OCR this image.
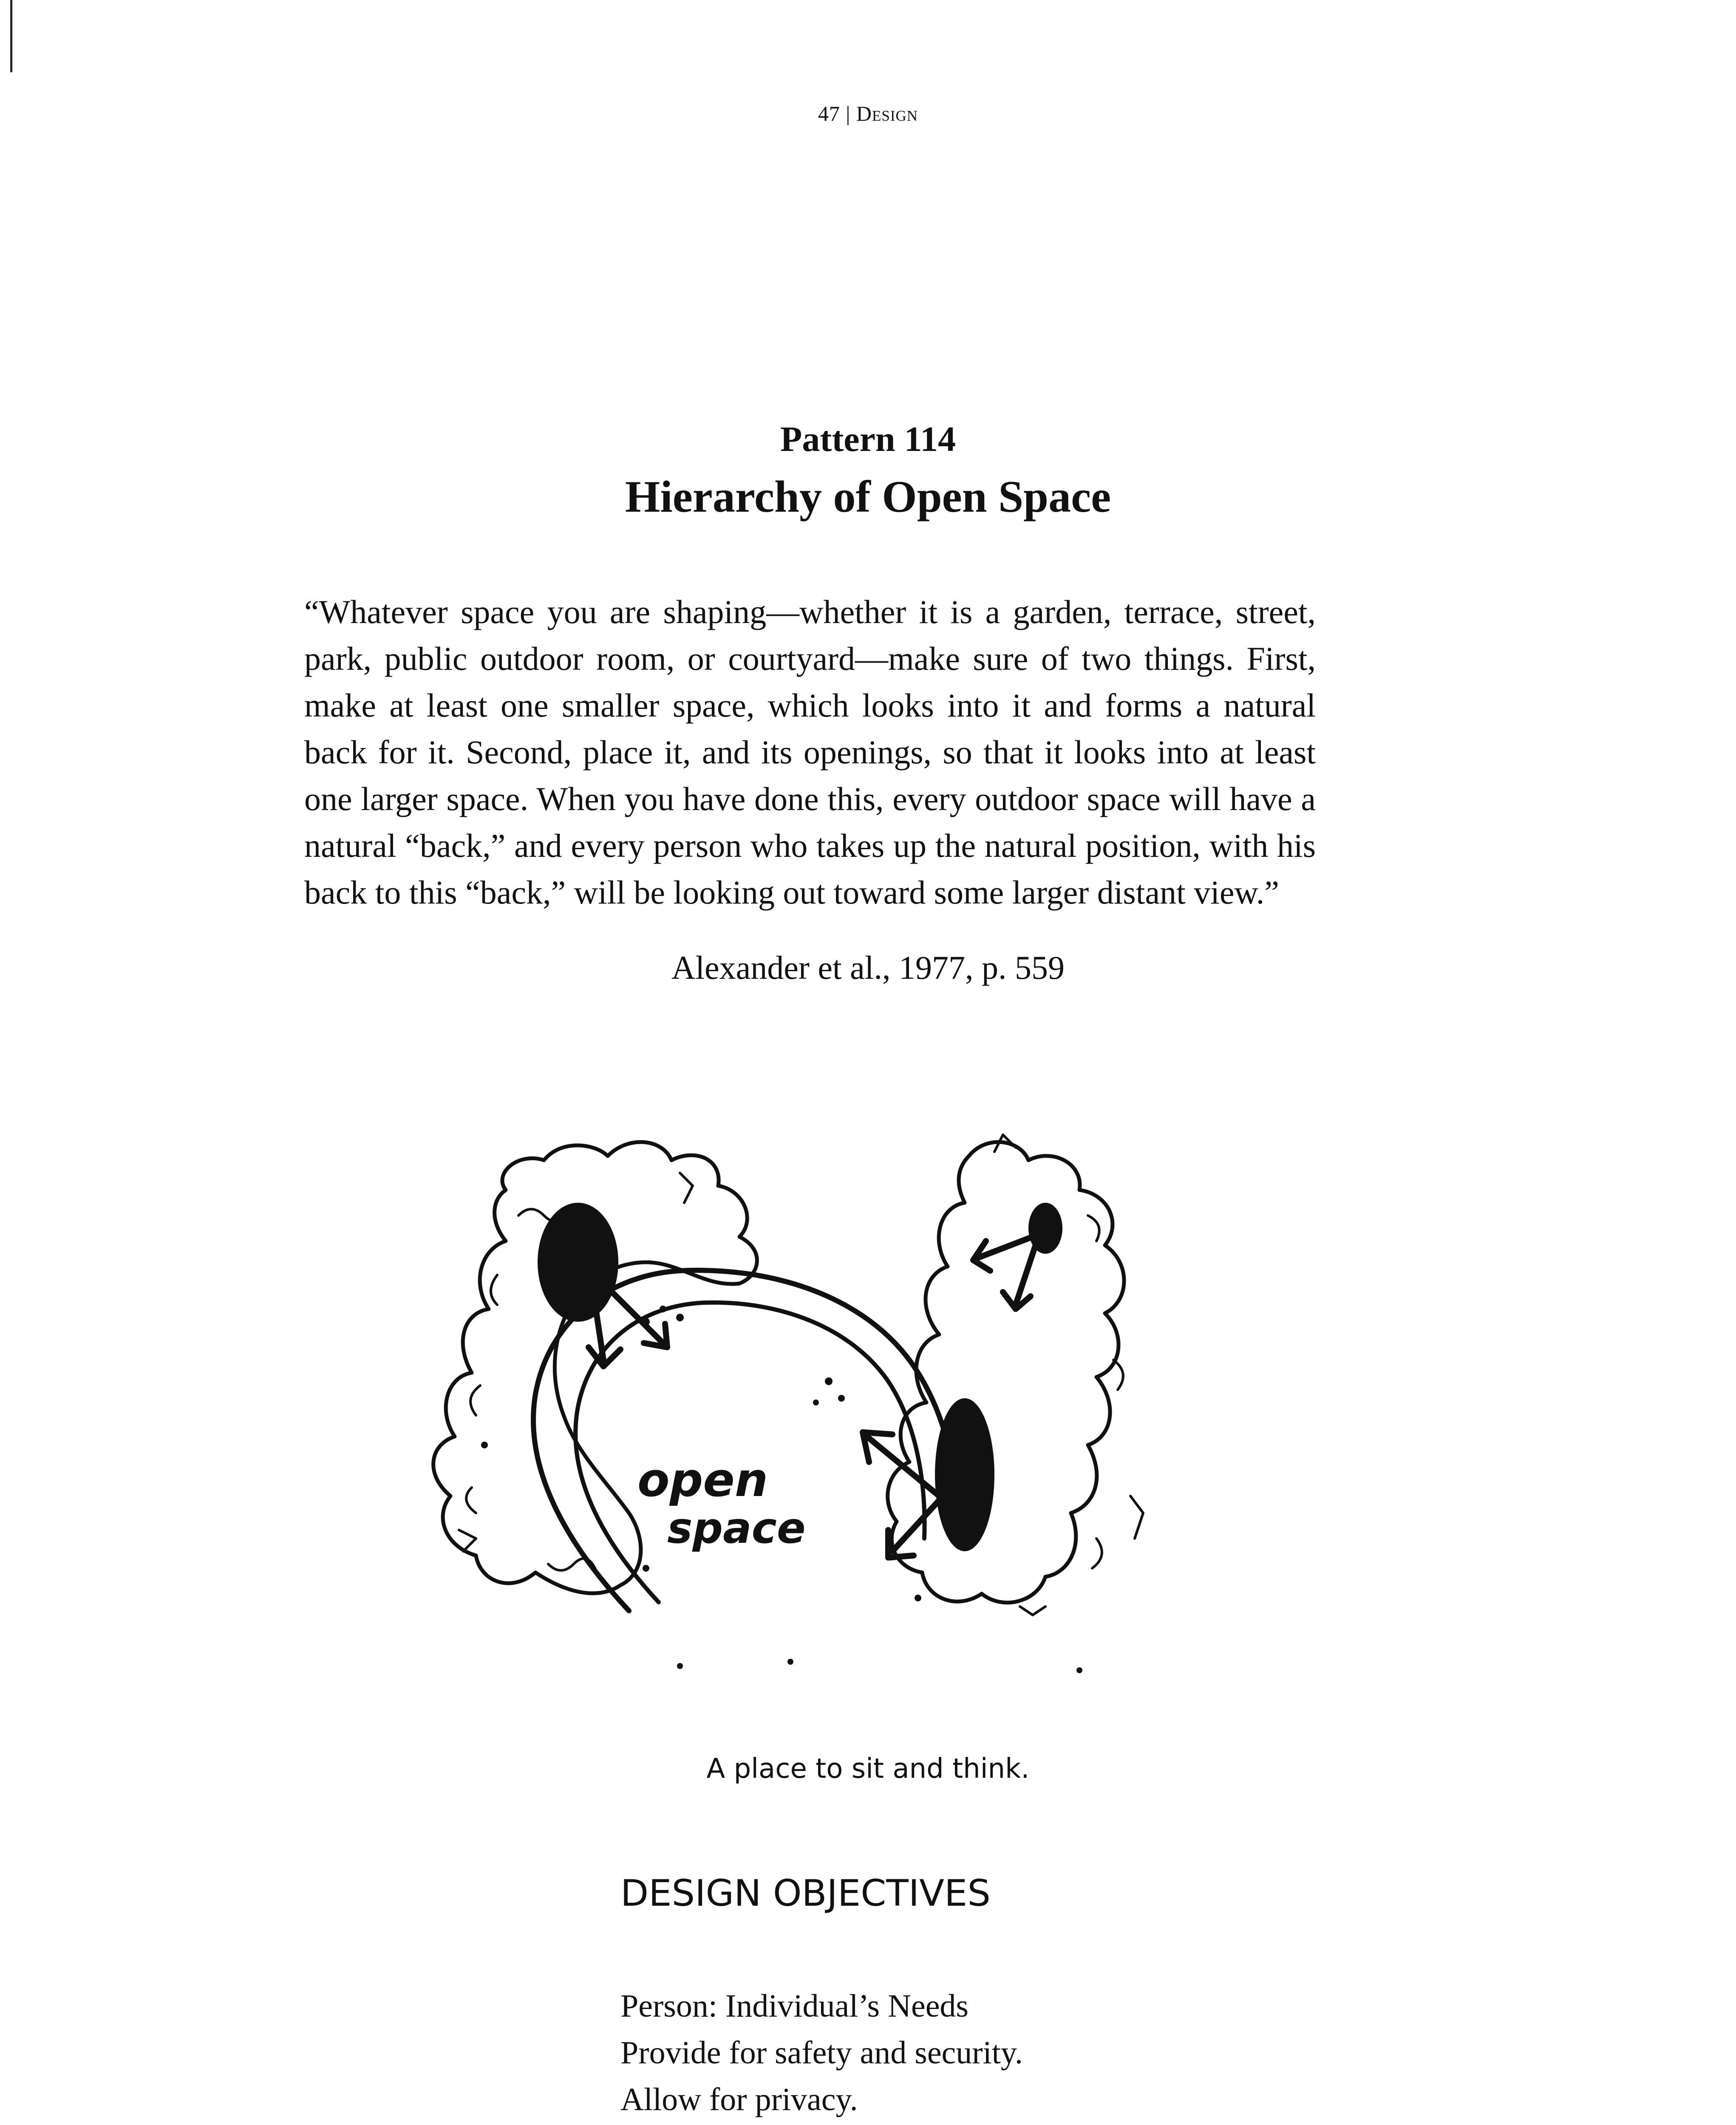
47 | Design
Pattern 114
Hierarchy of Open Space
“Whatever space you are shaping—whether it is a garden, terrace, street, park, public outdoor room, or courtyard—make sure of two things. First, make at least one smaller space, which looks into it and forms a natural back for it. Second, place it, and its openings, so that it looks into at least one larger space. When you have done this, every outdoor space will have a natural “back,” and every person who takes up the natural position, with his back to this “back,” will be looking out toward some larger distant view.”
Alexander et al., 1977, p. 559
open
space
A place to sit and think.
DESIGN OBJECTIVES
Person: Individual’s Needs
Provide for safety and security.
Allow for privacy.
